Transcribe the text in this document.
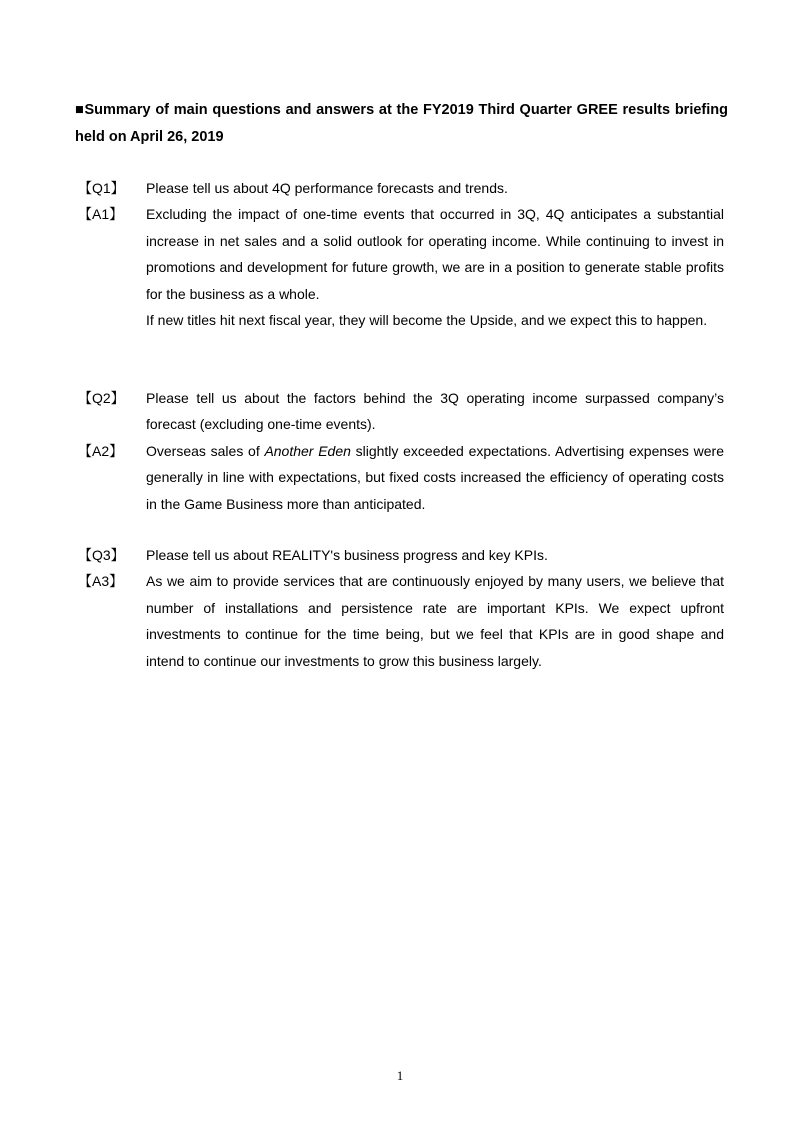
■Summary of main questions and answers at the FY2019 Third Quarter GREE results briefing held on April 26, 2019
【Q1】	Please tell us about 4Q performance forecasts and trends.
【A1】	Excluding the impact of one-time events that occurred in 3Q, 4Q anticipates a substantial increase in net sales and a solid outlook for operating income. While continuing to invest in promotions and development for future growth, we are in a position to generate stable profits for the business as a whole.

If new titles hit next fiscal year, they will become the Upside, and we expect this to happen.

【Q2】	Please tell us about the factors behind the 3Q operating income surpassed company’s forecast (excluding one-time events).
【A2】	Overseas sales of Another Eden slightly exceeded expectations. Advertising expenses were generally in line with expectations, but fixed costs increased the efficiency of operating costs in the Game Business more than anticipated.

【Q3】	Please tell us about REALITY's business progress and key KPIs.
【A3】	As we aim to provide services that are continuously enjoyed by many users, we believe that number of installations and persistence rate are important KPIs. We expect upfront investments to continue for the time being, but we feel that KPIs are in good shape and intend to continue our investments to grow this business largely.

1
